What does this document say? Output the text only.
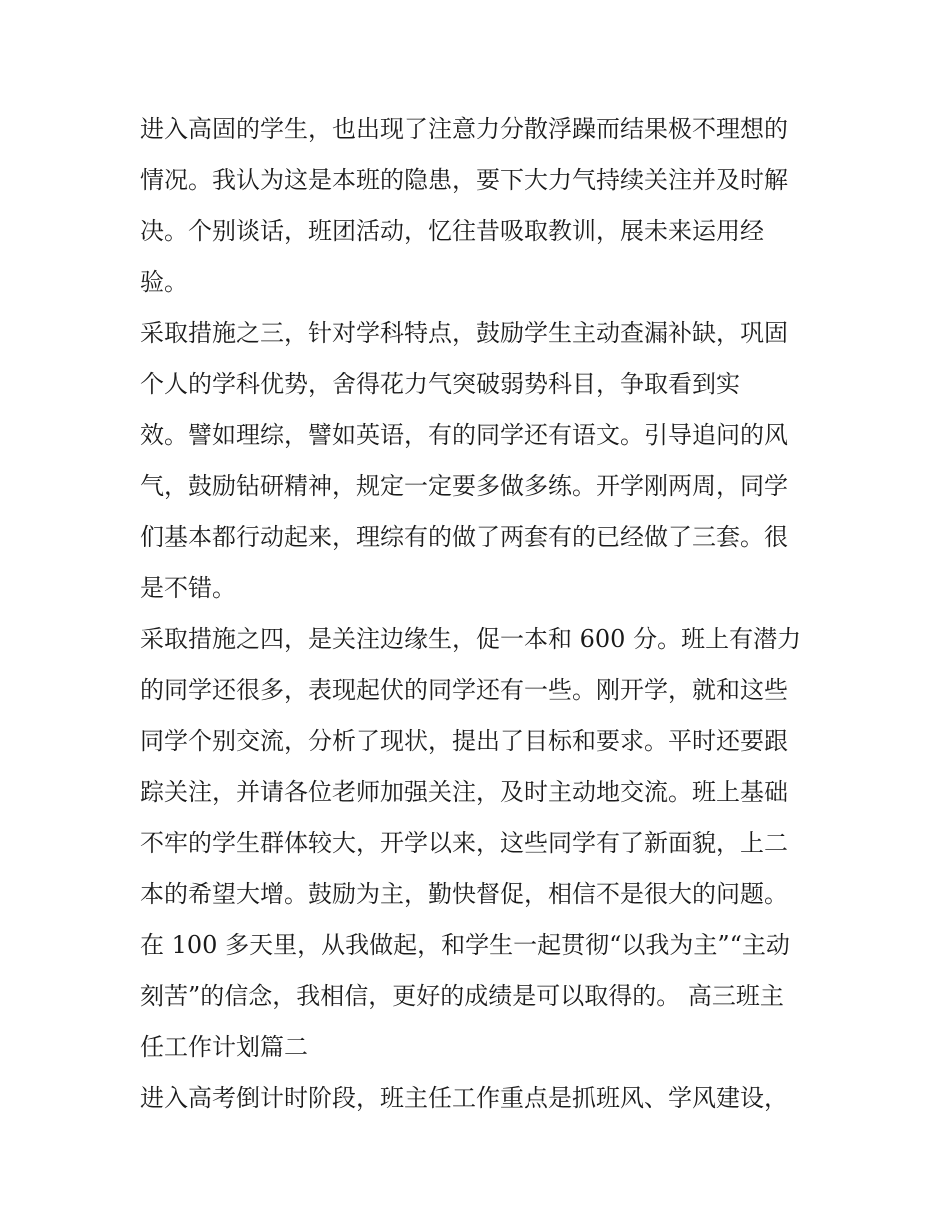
进入高固的学生，也出现了注意力分散浮躁而结果极不理想的
情况。我认为这是本班的隐患，要下大力气持续关注并及时解
决。个别谈话，班团活动，忆往昔吸取教训，展未来运用经
验。
采取措施之三，针对学科特点，鼓励学生主动查漏补缺，巩固
个人的学科优势，舍得花力气突破弱势科目，争取看到实
效。譬如理综，譬如英语，有的同学还有语文。引导追问的风
气，鼓励钻研精神，规定一定要多做多练。开学刚两周，同学
们基本都行动起来，理综有的做了两套有的已经做了三套。很
是不错。
采取措施之四，是关注边缘生，促一本和 600 分。班上有潜力
的同学还很多，表现起伏的同学还有一些。刚开学，就和这些
同学个别交流，分析了现状，提出了目标和要求。平时还要跟
踪关注，并请各位老师加强关注，及时主动地交流。班上基础
不牢的学生群体较大，开学以来，这些同学有了新面貌，上二
本的希望大增。鼓励为主，勤快督促，相信不是很大的问题。
在 100 多天里，从我做起，和学生一起贯彻“以我为主”“主动
刻苦”的信念，我相信，更好的成绩是可以取得的。 高三班主
任工作计划篇二
进入高考倒计时阶段，班主任工作重点是抓班风、学风建设，
